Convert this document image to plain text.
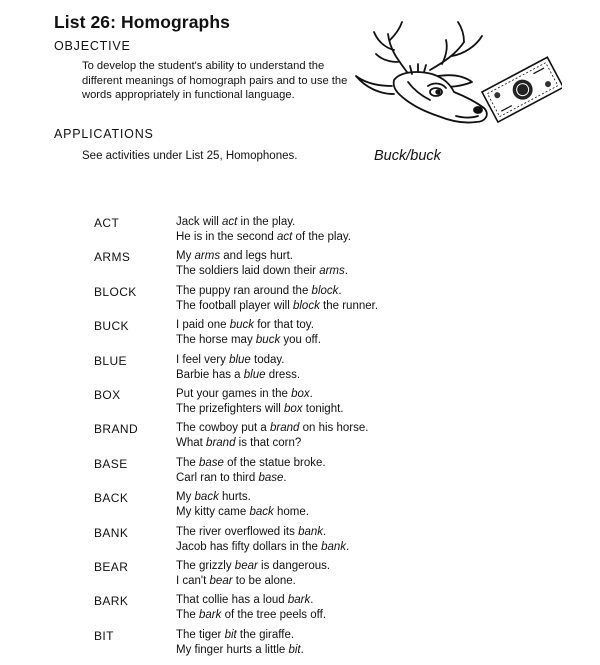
List 26: Homographs
OBJECTIVE
To develop the student's ability to understand the different meanings of homograph pairs and to use the words appropriately in functional language.
APPLICATIONS
See activities under List 25, Homophones.	Buck/buck
ACT	Jack will act in the play.
He is in the second act of the play.
ARMS	My arms and legs hurt.
The soldiers laid down their arms.
BLOCK	The puppy ran around the block.
The football player will block the runner.
BUCK	I paid one buck for that toy.
The horse may buck you off.
BLUE	I feel very blue today.
Barbie has a blue dress.
BOX	Put your games in the box.
The prizefighters will box tonight.
BRAND	The cowboy put a brand on his horse.
What brand is that corn?
BASE	The base of the statue broke.
Carl ran to third base.
BACK	My back hurts.
My kitty came back home.
BANK	The river overflowed its bank.
Jacob has fifty dollars in the bank.
BEAR	The grizzly bear is dangerous.
I can't bear to be alone.
BARK	That collie has a loud bark.
The bark of the tree peels off.
BIT	The tiger bit the giraffe.
My finger hurts a little bit.
